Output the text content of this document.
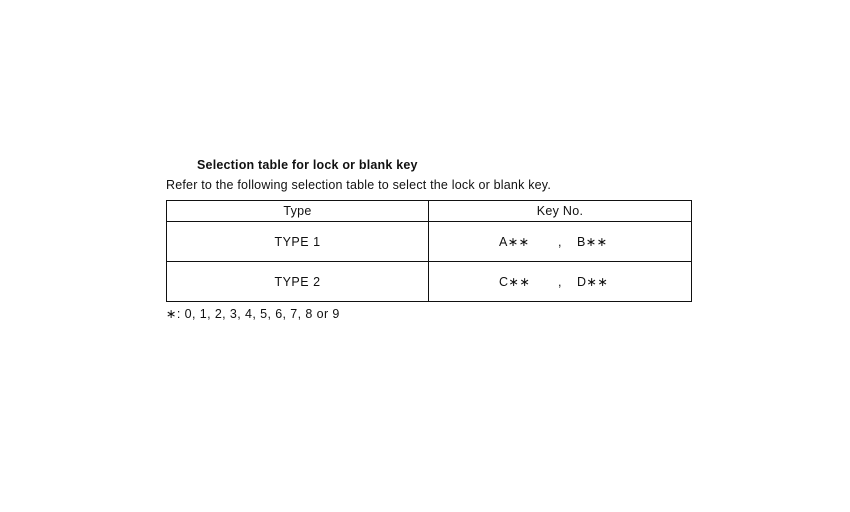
Selection table for lock or blank key
Refer to the following selection table to select the lock or blank key.
Type	Key No.
TYPE 1	A∗∗ , B∗∗
TYPE 2	C∗∗ , D∗∗
∗: 0, 1, 2, 3, 4, 5, 6, 7, 8 or 9
